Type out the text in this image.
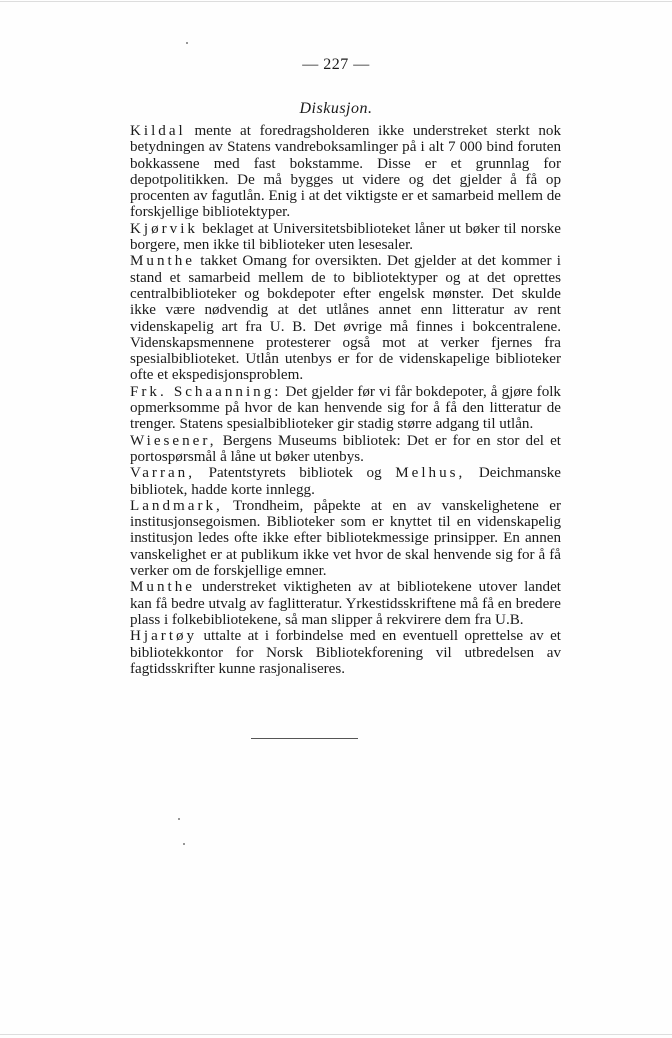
— 227 —
Diskusjon.

Kildal mente at foredragsholderen ikke understreket sterkt nok betydningen av Statens vandreboksamlinger på i alt 7 000 bind foruten bokkassene med fast bokstamme. Disse er et grunnlag for depotpolitikken. De må bygges ut videre og det gjelder å få op procenten av fagutlån. Enig i at det viktigste er et samarbeid mellem de forskjellige bibliotektyper.

Kjørvik beklaget at Universitetsbiblioteket låner ut bøker til norske borgere, men ikke til biblioteker uten lesesaler.

Munthe takket Omang for oversikten. Det gjelder at det kommer i stand et samarbeid mellem de to bibliotektyper og at det oprettes centralbiblioteker og bokdepoter efter engelsk mønster. Det skulde ikke være nødvendig at det utlånes annet enn litteratur av rent videnskapelig art fra U. B. Det øvrige må finnes i bokcentralene. Videnskapsmennene protesterer også mot at verker fjernes fra spesialbiblioteket. Utlån utenbys er for de videnskapelige biblioteker ofte et ekspedisjonsproblem.

Frk. Schaanning: Det gjelder før vi får bokdepoter, å gjøre folk opmerksomme på hvor de kan henvende sig for å få den litteratur de trenger. Statens spesialbiblioteker gir stadig større adgang til utlån.

Wiesener, Bergens Museums bibliotek: Det er for en stor del et portospørsmål å låne ut bøker utenbys.

Varran, Patentstyrets bibliotek og Melhus, Deichmanske bibliotek, hadde korte innlegg.

Landmark, Trondheim, påpekte at en av vanskelighetene er institusjonsegoismen. Biblioteker som er knyttet til en videnskapelig institusjon ledes ofte ikke efter bibliotekmessige prinsipper. En annen vanskelighet er at publikum ikke vet hvor de skal henvende sig for å få verker om de forskjellige emner.

Munthe understreket viktigheten av at bibliotekene utover landet kan få bedre utvalg av faglitteratur. Yrkestidsskriftene må få en bredere plass i folkebibliotekene, så man slipper å rekvirere dem fra U.B.

Hjartøy uttalte at i forbindelse med en eventuell oprettelse av et bibliotekkontor for Norsk Bibliotekforening vil utbredelsen av fagtidsskrifter kunne rasjonaliseres.
